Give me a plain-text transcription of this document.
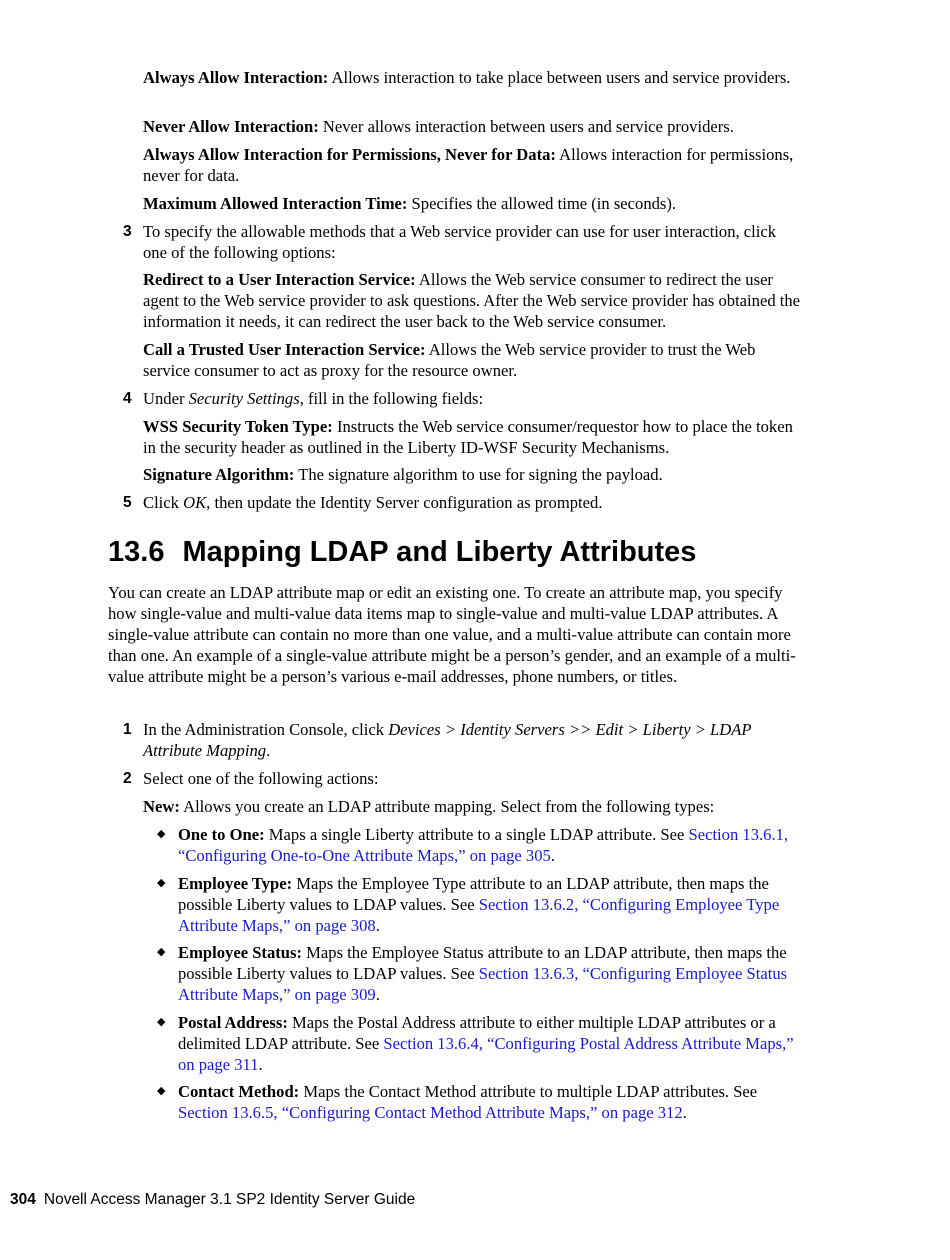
Always Allow Interaction: Allows interaction to take place between users and service providers.

Never Allow Interaction: Never allows interaction between users and service providers.

Always Allow Interaction for Permissions, Never for Data: Allows interaction for permissions, never for data.

Maximum Allowed Interaction Time: Specifies the allowed time (in seconds).

3 To specify the allowable methods that a Web service provider can use for user interaction, click one of the following options:

Redirect to a User Interaction Service: Allows the Web service consumer to redirect the user agent to the Web service provider to ask questions. After the Web service provider has obtained the information it needs, it can redirect the user back to the Web service consumer.

Call a Trusted User Interaction Service: Allows the Web service provider to trust the Web service consumer to act as proxy for the resource owner.

4 Under Security Settings, fill in the following fields:

WSS Security Token Type: Instructs the Web service consumer/requestor how to place the token in the security header as outlined in the Liberty ID-WSF Security Mechanisms.

Signature Algorithm: The signature algorithm to use for signing the payload.

5 Click OK, then update the Identity Server configuration as prompted.

13.6 Mapping LDAP and Liberty Attributes

You can create an LDAP attribute map or edit an existing one. To create an attribute map, you specify how single-value and multi-value data items map to single-value and multi-value LDAP attributes. A single-value attribute can contain no more than one value, and a multi-value attribute can contain more than one. An example of a single-value attribute might be a person’s gender, and an example of a multi-value attribute might be a person’s various e-mail addresses, phone numbers, or titles.

1 In the Administration Console, click Devices > Identity Servers >> Edit > Liberty > LDAP Attribute Mapping.

2 Select one of the following actions:

New: Allows you create an LDAP attribute mapping. Select from the following types:

◆ One to One: Maps a single Liberty attribute to a single LDAP attribute. See Section 13.6.1, “Configuring One-to-One Attribute Maps,” on page 305.

◆ Employee Type: Maps the Employee Type attribute to an LDAP attribute, then maps the possible Liberty values to LDAP values. See Section 13.6.2, “Configuring Employee Type Attribute Maps,” on page 308.

◆ Employee Status: Maps the Employee Status attribute to an LDAP attribute, then maps the possible Liberty values to LDAP values. See Section 13.6.3, “Configuring Employee Status Attribute Maps,” on page 309.

◆ Postal Address: Maps the Postal Address attribute to either multiple LDAP attributes or a delimited LDAP attribute. See Section 13.6.4, “Configuring Postal Address Attribute Maps,” on page 311.

◆ Contact Method: Maps the Contact Method attribute to multiple LDAP attributes. See Section 13.6.5, “Configuring Contact Method Attribute Maps,” on page 312.

304 Novell Access Manager 3.1 SP2 Identity Server Guide
